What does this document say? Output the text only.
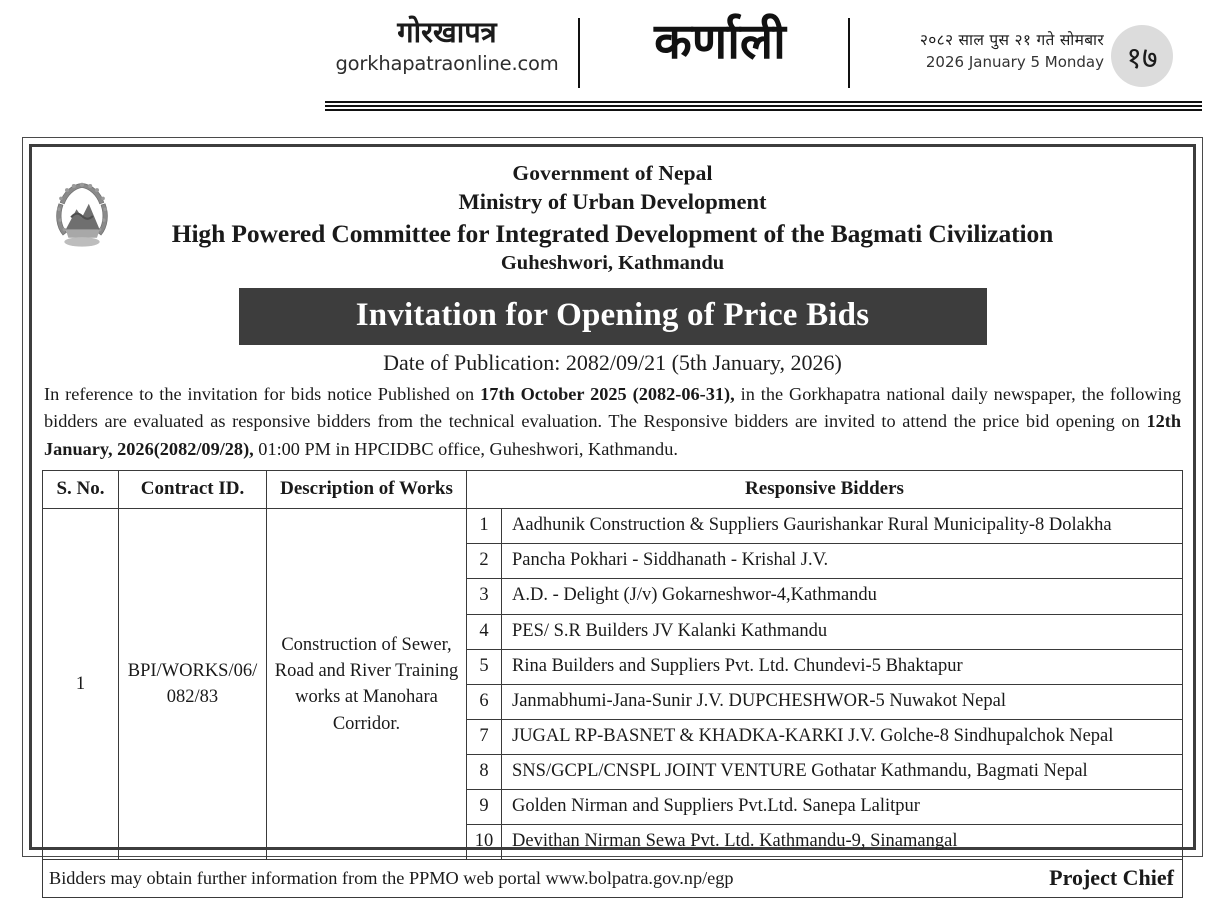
गोरखापत्र
gorkhapatraonline.com	कर्णाली	२०८२ साल पुस २१ गते सोमबार
2026 January 5 Monday १७
Government of Nepal
Ministry of Urban Development
High Powered Committee for Integrated Development of the Bagmati Civilization
Guheshwori, Kathmandu
Invitation for Opening of Price Bids
Date of Publication: 2082/09/21 (5th January, 2026)
In reference to the invitation for bids notice Published on 17th October 2025 (2082-06-31), in the Gorkhapatra national daily newspaper, the following bidders are evaluated as responsive bidders from the technical evaluation. The Responsive bidders are invited to attend the price bid opening on 12th January, 2026(2082/09/28), 01:00 PM in HPCIDBC office, Guheshwori, Kathmandu.
S. No.	Contract ID.	Description of Works	Responsive Bidders
1	BPI/WORKS/06/ 082/83	Construction of Sewer, Road and River Training works at Manohara Corridor.	
1	Aadhunik Construction & Suppliers Gaurishankar Rural Municipality-8 Dolakha
2	Pancha Pokhari - Siddhanath - Krishal J.V.
3	A.D. - Delight (J/v) Gokarneshwor-4,Kathmandu
4	PES/ S.R Builders JV Kalanki Kathmandu
5	Rina Builders and Suppliers Pvt. Ltd. Chundevi-5 Bhaktapur
6	Janmabhumi-Jana-Sunir J.V. DUPCHESHWOR-5 Nuwakot Nepal
7	JUGAL RP-BASNET & KHADKA-KARKI J.V. Golche-8 Sindhupalchok Nepal
8	SNS/GCPL/CNSPL JOINT VENTURE Gothatar Kathmandu, Bagmati Nepal
9	Golden Nirman and Suppliers Pvt.Ltd. Sanepa Lalitpur
10	Devithan Nirman Sewa Pvt. Ltd. Kathmandu-9, Sinamangal
Bidders may obtain further information from the PPMO web portal www.bolpatra.gov.np/egp	Project Chief
